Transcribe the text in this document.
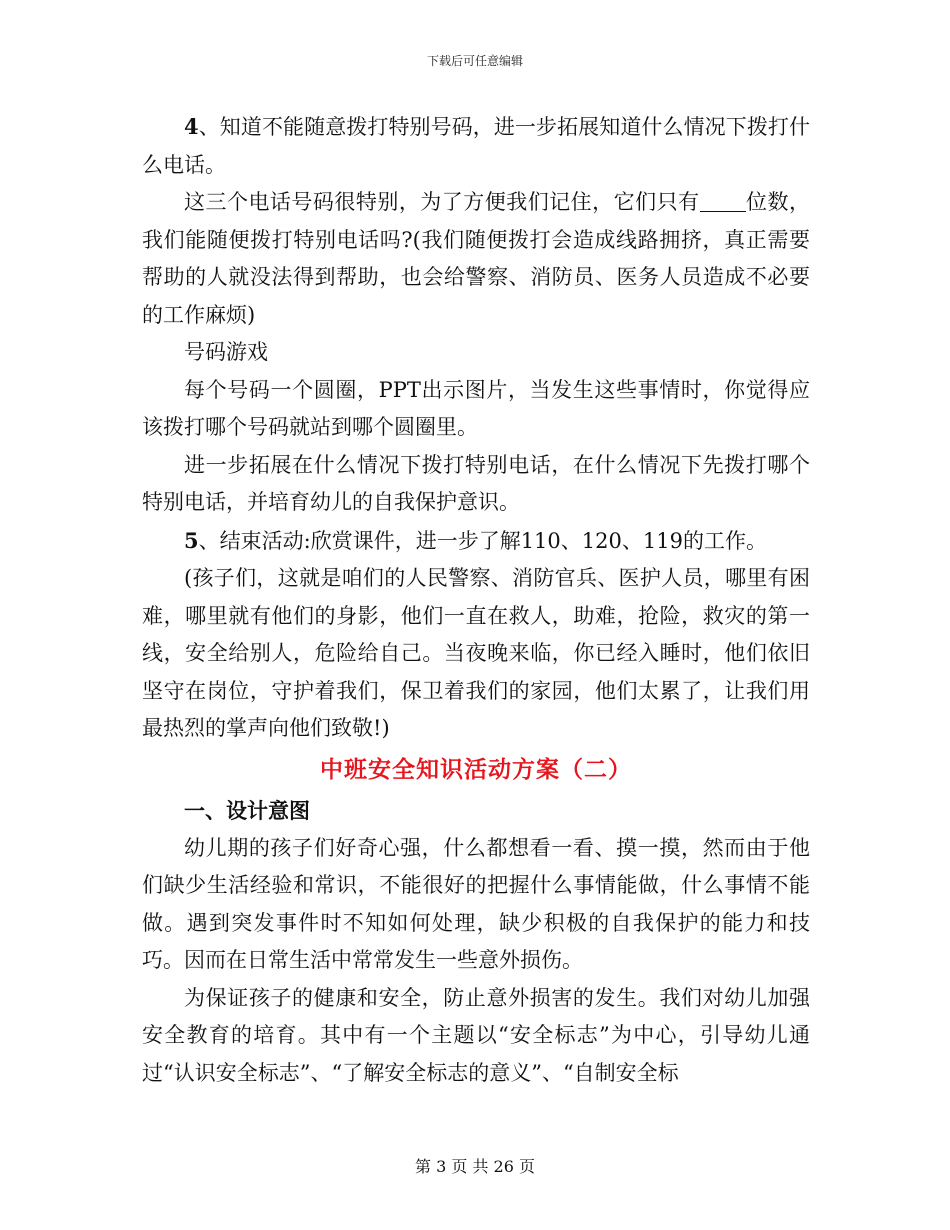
下载后可任意编辑

4、知道不能随意拨打特别号码，进一步拓展知道什么情况下拨打什么电话。

这三个电话号码很特别，为了方便我们记住，它们只有 位数，我们能随便拨打特别电话吗?(我们随便拨打会造成线路拥挤，真正需要帮助的人就没法得到帮助，也会给警察、消防员、医务人员造成不必要的工作麻烦)

号码游戏

每个号码一个圆圈，PPT出示图片，当发生这些事情时，你觉得应该拨打哪个号码就站到哪个圆圈里。

进一步拓展在什么情况下拨打特别电话，在什么情况下先拨打哪个特别电话，并培育幼儿的自我保护意识。

5、结束活动:欣赏课件，进一步了解110、120、119的工作。

(孩子们，这就是咱们的人民警察、消防官兵、医护人员，哪里有困难，哪里就有他们的身影，他们一直在救人，助难，抢险，救灾的第一线，安全给别人，危险给自己。当夜晚来临，你已经入睡时，他们依旧坚守在岗位，守护着我们，保卫着我们的家园，他们太累了，让我们用最热烈的掌声向他们致敬!)

中班安全知识活动方案（二）

一、设计意图

幼儿期的孩子们好奇心强，什么都想看一看、摸一摸，然而由于他们缺少生活经验和常识，不能很好的把握什么事情能做，什么事情不能做。遇到突发事件时不知如何处理，缺少积极的自我保护的能力和技巧。因而在日常生活中常常发生一些意外损伤。

为保证孩子的健康和安全，防止意外损害的发生。我们对幼儿加强安全教育的培育。其中有一个主题以“安全标志”为中心，引导幼儿通过“认识安全标志”、“了解安全标志的意义”、“自制安全标

第 3 页 共 26 页
